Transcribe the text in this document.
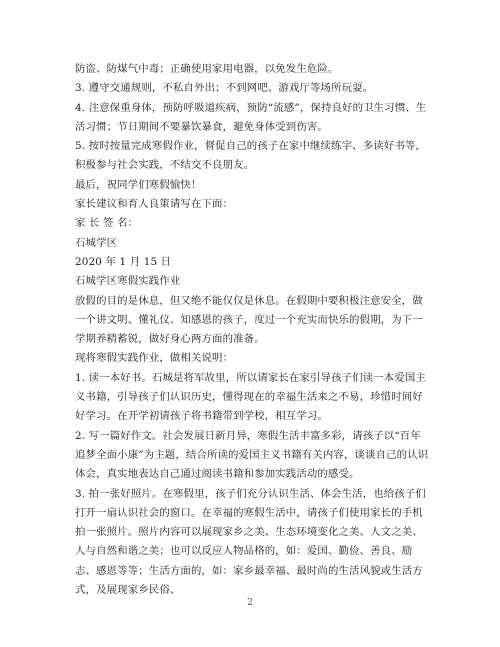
防盗、防煤气中毒；正确使用家用电器，以免发生危险。

3. 遵守交通规则，不私自外出；不到网吧、游戏厅等场所玩耍。

4. 注意保重身体，预防呼吸道疾病，预防“流感”，保持良好的卫生习惯、生活习惯；节日期间不要暴饮暴食，避免身体受到伤害。

5. 按时按量完成寒假作业，督促自己的孩子在家中继续练字、多读好书等，积极参与社会实践，不结交不良朋友。

最后，祝同学们寒假愉快！

家长建议和育人良策请写在下面：

家 长 签 名：

石城学区

2020 年 1 月 15 日

石城学区寒假实践作业

放假的目的是休息，但又绝不能仅仅是休息。在假期中要积极注意安全，做一个讲文明、懂礼仪、知感恩的孩子，度过一个充实而快乐的假期，为下一学期养精蓄锐，做好身心两方面的准备。

现将寒假实践作业，做相关说明：

1. 读一本好书。石城是将军故里，所以请家长在家引导孩子们读一本爱国主义书籍，引导孩子们认识历史，懂得现在的幸福生活来之不易，珍惜时间好好学习。在开学初请孩子将书籍带到学校，相互学习。

2. 写一篇好作文。社会发展日新月异，寒假生活丰富多彩，请孩子以“百年追梦全面小康”为主题，结合所读的爱国主义书籍有关内容，谈谈自己的认识体会，真实地表达自己通过阅读书籍和参加实践活动的感受。

3. 拍一张好照片。在寒假里，孩子们充分认识生活、体会生活，也给孩子们打开一扇认识社会的窗口。在幸福的寒假生活中，请孩子们使用家长的手机拍一张照片。照片内容可以展现家乡之美、生态环境变化之美、人文之美、人与自然和谐之美；也可以反应人物品格的，如：爱国、勤俭、善良、励志、感恩等等；生活方面的，如：家乡最幸福、最时尚的生活风貌或生活方式，及展现家乡民俗、

2
